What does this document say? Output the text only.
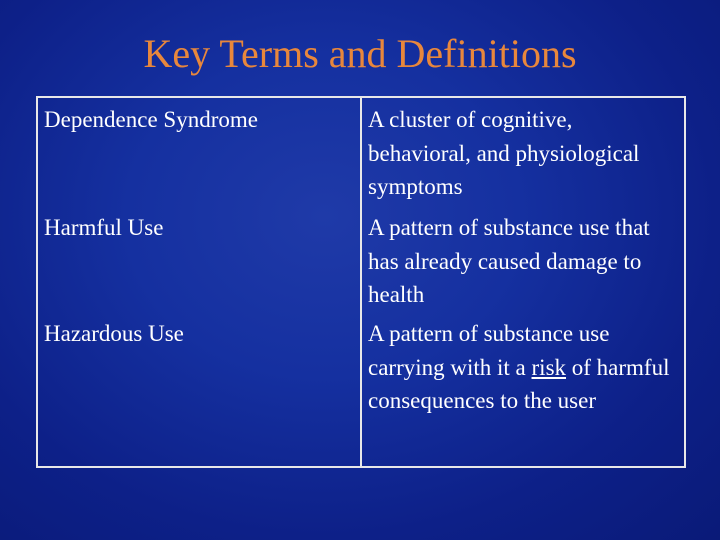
Key Terms and Definitions
Dependence Syndrome	A cluster of cognitive, behavioral, and physiological symptoms
Harmful Use	A pattern of substance use that has already caused damage to health
Hazardous Use	A pattern of substance use carrying with it a risk of harmful consequences to the user
